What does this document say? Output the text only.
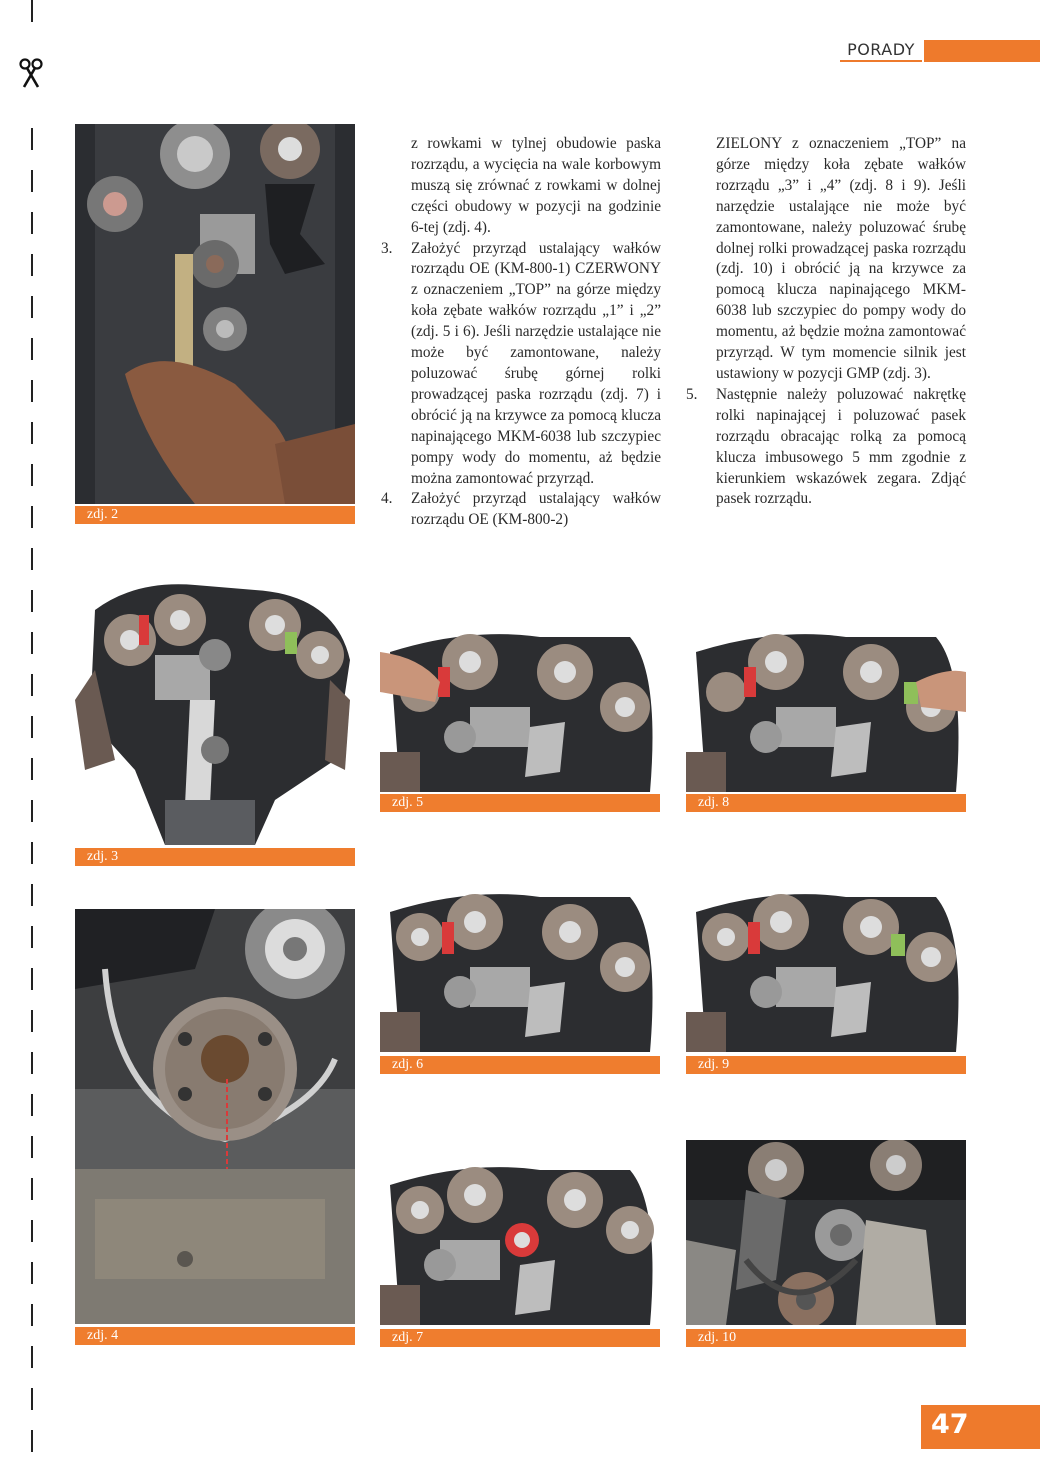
PORADY
zdj. 2

z rowkami w tylnej obudowie paska rozrządu, a wycięcia na wale korbowym muszą się zrównać z rowkami w dolnej części obudowy w pozycji na godzinie 6-tej (zdj. 4).

3. Założyć przyrząd ustalający wałków rozrządu OE (KM-800-1) CZERWONY z oznaczeniem „TOP” na górze między koła zębate wałków rozrządu „1” i „2” (zdj. 5 i 6). Jeśli narzędzie ustalające nie może być zamontowane, należy poluzować śrubę górnej rolki prowadzącej paska rozrządu (zdj. 7) i obrócić ją na krzywce za pomocą klucza napinającego MKM-6038 lub szczypiec pompy wody do momentu, aż będzie można zamontować przyrząd.
4. Założyć przyrząd ustalający wałków rozrządu OE (KM-800-2)

ZIELONY z oznaczeniem „TOP” na górze między koła zębate wałków rozrządu „3” i „4” (zdj. 8 i 9). Jeśli narzędzie ustalające nie może być zamontowane, należy poluzować śrubę dolnej rolki prowadzącej paska rozrządu (zdj. 10) i obrócić ją na krzywce za pomocą klucza napinającego MKM-6038 lub szczypiec do pompy wody do momentu, aż będzie można zamontować przyrząd. W tym momencie silnik jest ustawiony w pozycji GMP (zdj. 3).

5. Następnie należy poluzować nakrętkę rolki napinającej i poluzować pasek rozrządu obracając rolką za pomocą klucza imbusowego 5 mm zgodnie z kierunkiem wskazówek zegara. Zdjąć pasek rozrządu.
zdj. 3
zdj. 4
zdj. 5	zdj. 8
zdj. 6	zdj. 9
zdj. 7	zdj. 10
47
